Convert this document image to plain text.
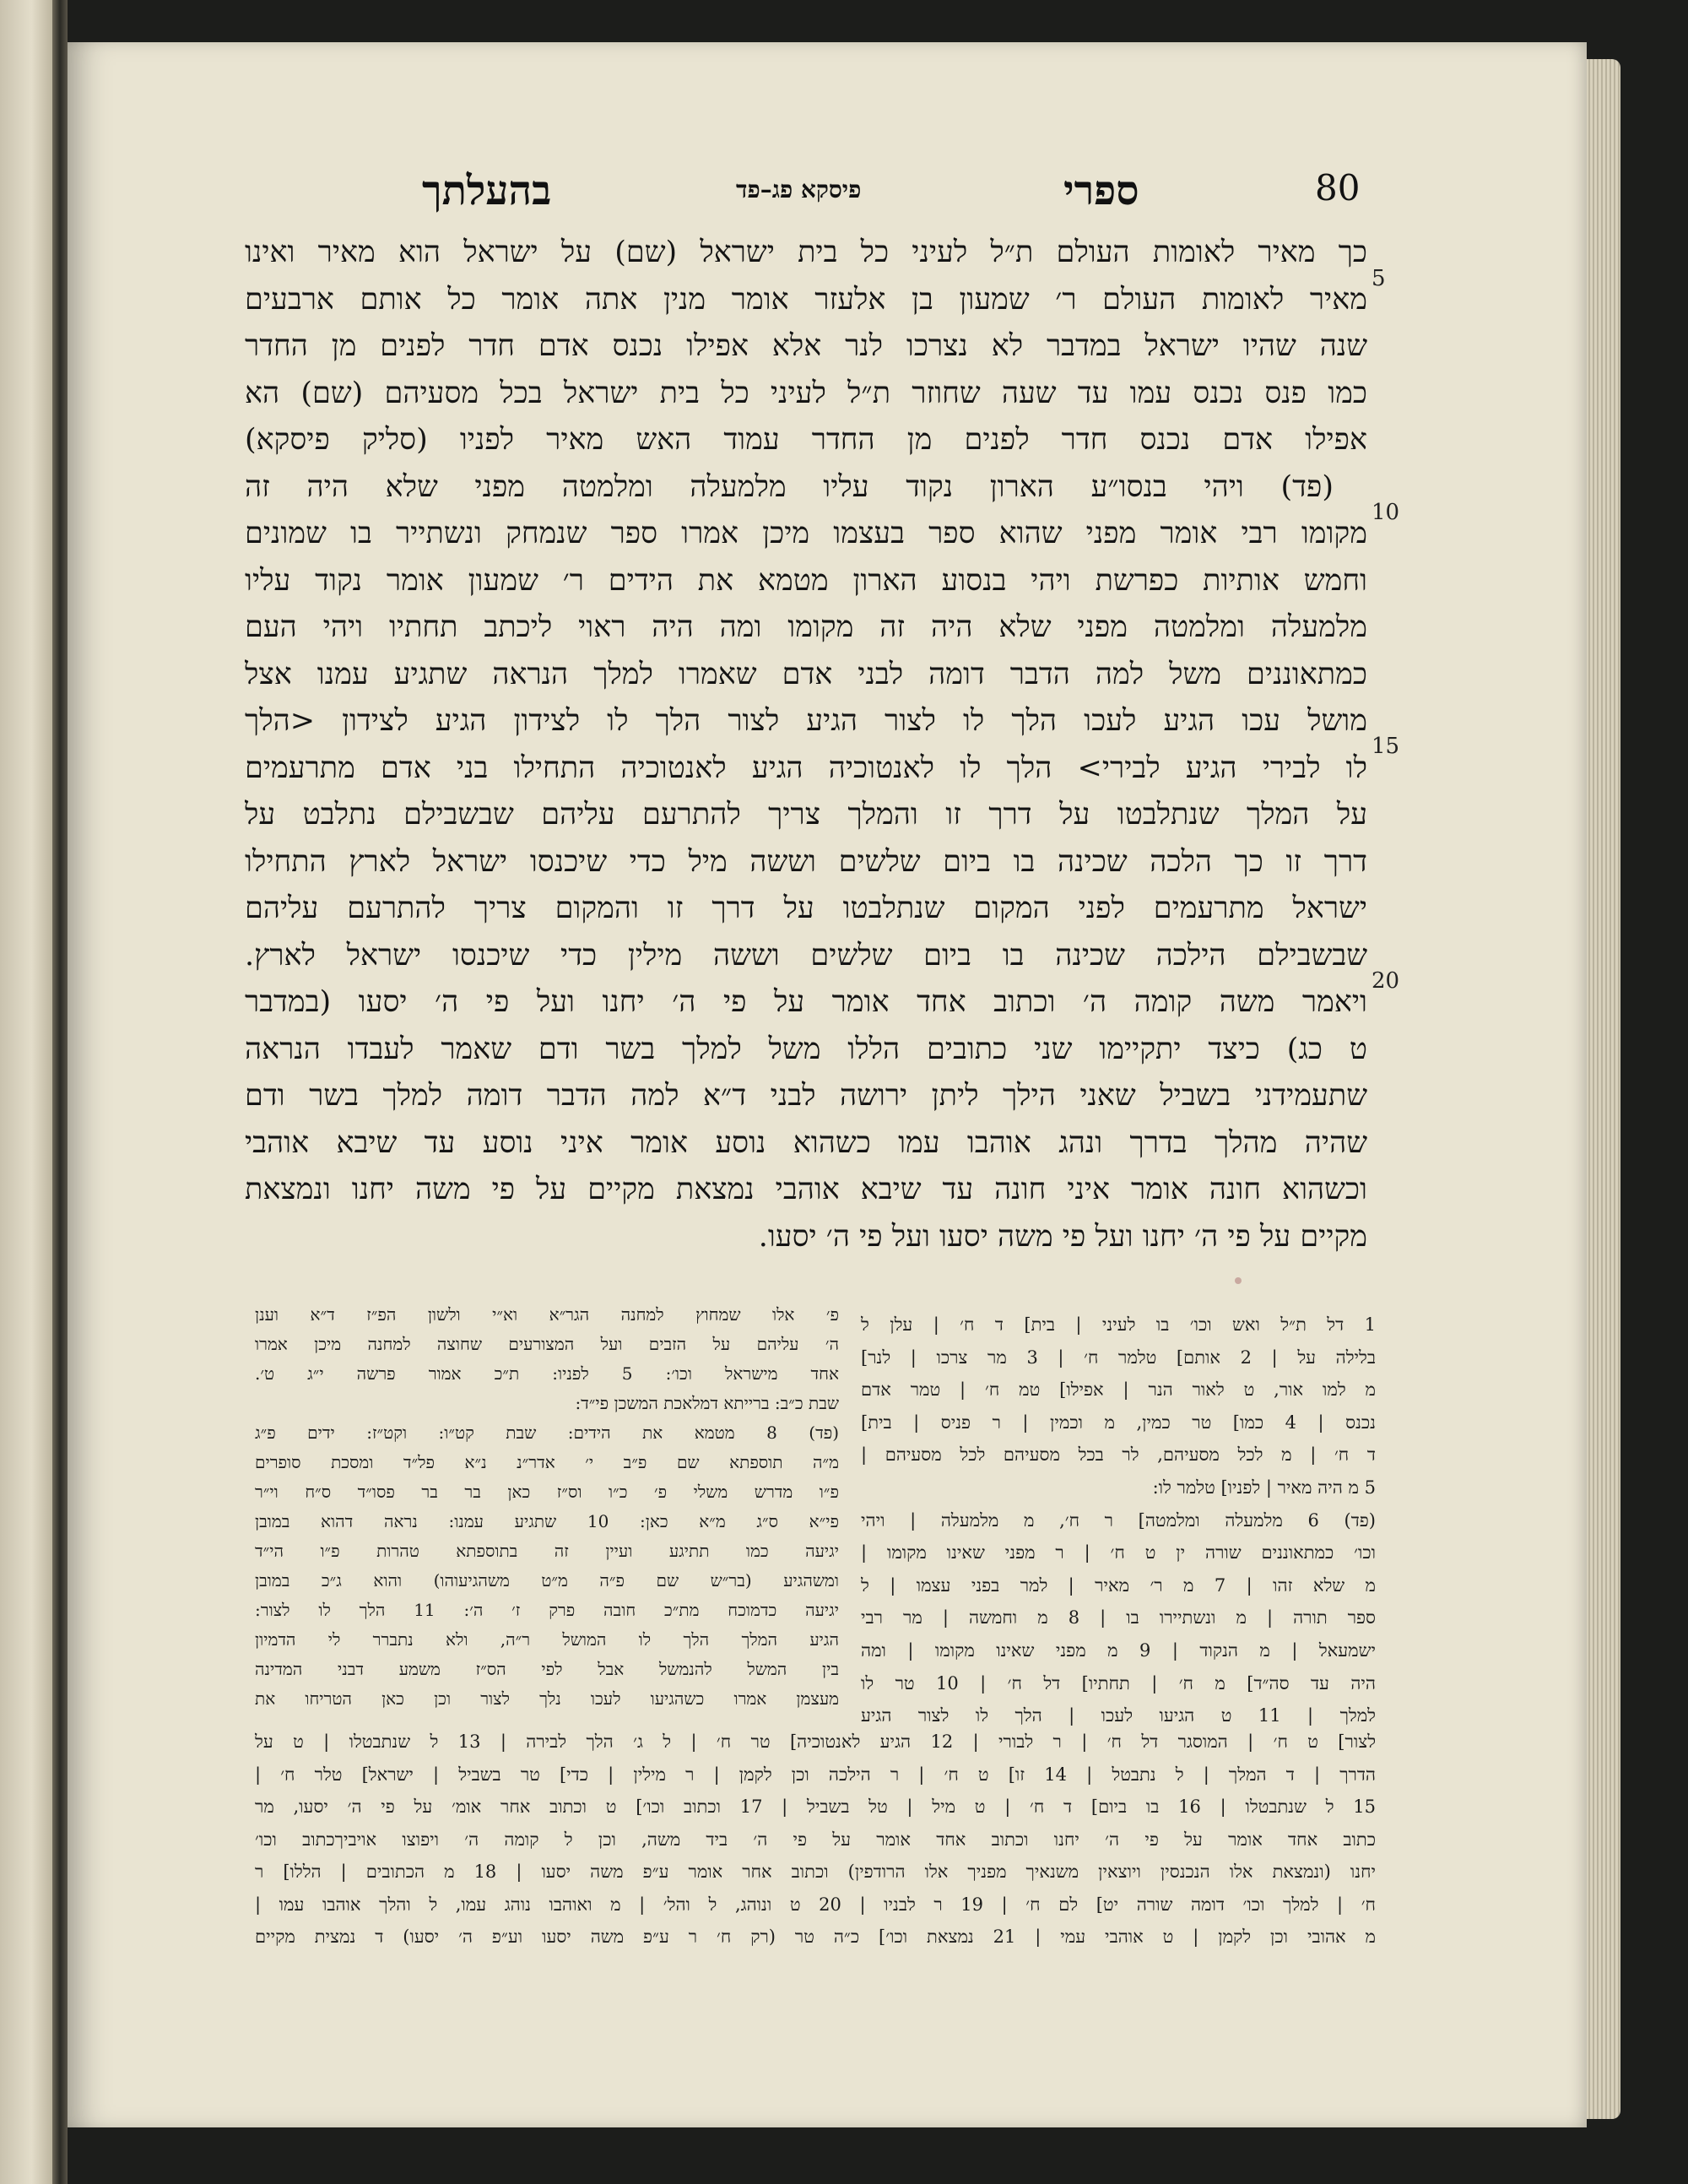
80
ספרי
פיסקא פג–פד
בהעלתך
5
10
15
20
כך מאיר לאומות העולם ת״ל לעיני כל בית ישראל (שם) על ישראל הוא מאיר ואינו
מאיר לאומות העולם ר׳ שמעון בן אלעזר אומר מנין אתה אומר כל אותם ארבעים
שנה שהיו ישראל במדבר לא נצרכו לנר אלא אפילו נכנס אדם חדר לפנים מן החדר
כמו פנס נכנס עמו עד שעה שחוזר ת״ל לעיני כל בית ישראל בכל מסעיהם (שם) הא
אפילו אדם נכנס חדר לפנים מן החדר עמוד האש מאיר לפניו (סליק פיסקא)
(פד) ויהי בנסו״ע הארון נקוד עליו מלמעלה ומלמטה מפני שלא היה זה
מקומו רבי אומר מפני שהוא ספר בעצמו מיכן אמרו ספר שנמחק ונשתייר בו שמונים
וחמש אותיות כפרשת ויהי בנסוע הארון מטמא את הידים ר׳ שמעון אומר נקוד עליו
מלמעלה ומלמטה מפני שלא היה זה מקומו ומה היה ראוי ליכתב תחתיו ויהי העם
כמתאוננים משל למה הדבר דומה לבני אדם שאמרו למלך הנראה שתגיע עמנו אצל
מושל עכו הגיע לעכו הלך לו לצור הגיע לצור הלך לו לצידון הגיע לצידון <הלך
לו לבירי הגיע לבירי> הלך לו לאנטוכיה הגיע לאנטוכיה התחילו בני אדם מתרעמים
על המלך שנתלבטו על דרך זו והמלך צריך להתרעם עליהם שבשבילם נתלבט על
דרך זו כך הלכה שכינה בו ביום שלשים וששה מיל כדי שיכנסו ישראל לארץ התחילו
ישראל מתרעמים לפני המקום שנתלבטו על דרך זו והמקום צריך להתרעם עליהם
שבשבילם הילכה שכינה בו ביום שלשים וששה מילין כדי שיכנסו ישראל לארץ.
ויאמר משה קומה ה׳ וכתוב אחד אומר על פי ה׳ יחנו ועל פי ה׳ יסעו (במדבר
ט כג) כיצד יתקיימו שני כתובים הללו משל למלך בשר ודם שאמר לעבדו הנראה
שתעמידני בשביל שאני הילך ליתן ירושה לבני ד״א למה הדבר דומה למלך בשר ודם
שהיה מהלך בדרך ונהג אוהבו עמו כשהוא נוסע אומר איני נוסע עד שיבא אוהבי
וכשהוא חונה אומר איני חונה עד שיבא אוהבי נמצאת מקיים על פי משה יחנו ונמצאת
מקיים על פי ה׳ יחנו ועל פי משה יסעו ועל פי ה׳ יסעו.
פ׳ אלו שמחוץ למחנה הגר״א וא״י ולשון הפ״ז ד״א וענן
ה׳ עליהם על הזבים ועל המצורעים שחוצה למחנה מיכן אמרו
אחד מישראל וכו׳: 5 לפניו: ת״כ אמור פרשה י״ג ט׳.
שבת כ״ב: ברייתא דמלאכת המשכן פי״ד:
(פד) 8 מטמא את הידים: שבת קט״ו: וקט״ז: ידים פ״ג
מ״ה תוספתא שם פ״ב י׳ אדר״נ נ״א פל״ד ומסכת סופרים
פ״ו מדרש משלי פ׳ כ״ו וס״ז כאן בר בר פסו״ד ס״ח וי״ר
פי״א ס״ג מ״א כאן: 10 שתגיע עמנו: נראה דהוא במובן
יגיעה כמו תתיגע ועיין זה בתוספתא טהרות פ״ו הי״ד
ומשהגיע (בר״ש שם פ״ה מ״ט משהגיעוהו) והוא ג״כ במובן
יגיעה כדמוכח מת״כ חובה פרק ז׳ ה׳: 11 הלך לו לצור:
הגיע המלך הלך לו המושל ר״ה, ולא נתברר לי הדמיון
בין המשל להנמשל אבל לפי הס״ז משמע דבני המדינה
מעצמן אמרו כשהגיעו לעכו נלך לצור וכן כאן הטריחו את
1 דל ת״ל ואש וכו׳ בו לעיני | בית] ד ח׳ | עלן ל
בלילה על | 2 אותם] טלמר ח׳ | 3 מר צרכו | לנר]
מ למו אור, ט לאור הנר | אפילו] טמ ח׳ | טמר אדם
נכנס | 4 כמו] טר כמין, מ וכמין | ר פניס | בית]
ד ח׳ | מ לכל מסעיהם, לר בכל מסעיהם לכל מסעיהם |
5 מ היה מאיר | לפניו] טלמר לו:
(פד) 6 מלמעלה ומלמטה] ר ח׳, מ מלמעלה | ויהי
וכו׳ כמתאוננים שורה ין ט ח׳ | ר מפני שאינו מקומו |
מ שלא זהו | 7 מ ר׳ מאיר | למר בפני עצמו | ל
ספר תורה | מ ונשתיירו בו | 8 מ וחמשה | מר רבי
ישמעאל | מ הנקוד | 9 מ מפני שאינו מקומו | ומה
היה עד סה״ד] מ ח׳ | תחתיו] דל ח׳ | 10 טר לו
למלך | 11 ט הגיעו לעכו | הלך לו לצור הגיע
לצור] ט ח׳ | המוסגר דל ח׳ | ר לבורי | 12 הגיע לאנטוכיה] טר ח׳ | ל ג׳ הלך לבירה | 13 ל שנתבטלו | ט על
הדרך | ד המלך | ל נתבטל | 14 זו] ט ח׳ | ר הילכה וכן לקמן | ר מילין | כדי] טר בשביל | ישראל] טלר ח׳ |
15 ל שנתבטלו | 16 בו ביום] ד ח׳ | ט מיל | טל בשביל | 17 וכתוב וכו׳] ט וכתוב אחר אומ׳ על פי ה׳ יסעו, מר
כתוב אחד אומר על פי ה׳ יחנו וכתוב אחד אומר על פי ה׳ ביד משה, וכן ל קומה ה׳ ויפוצו אויביךכתוב וכו׳
יחנו (ונמצאת אלו הנכנסין ויוצאין משנאיך מפניך אלו הרודפין) וכתוב אחר אומר ע״פ משה יסעו | 18 מ הכתובים | הללו] ר
ח׳ | למלך וכו׳ דומה שורה יט] לם ח׳ | 19 ר לבניו | 20 ט ונוהג, ל והל׳ | מ ואוהבו נוהג עמו, ל והלך אוהבו עמו |
מ אהובי וכן לקמן | ט אוהבי עמי | 21 נמצאת וכו׳] כ״ה טר (רק ח׳ ר ע״פ משה יסעו וע״פ ה׳ יסעו) ד נמצית מקיים
